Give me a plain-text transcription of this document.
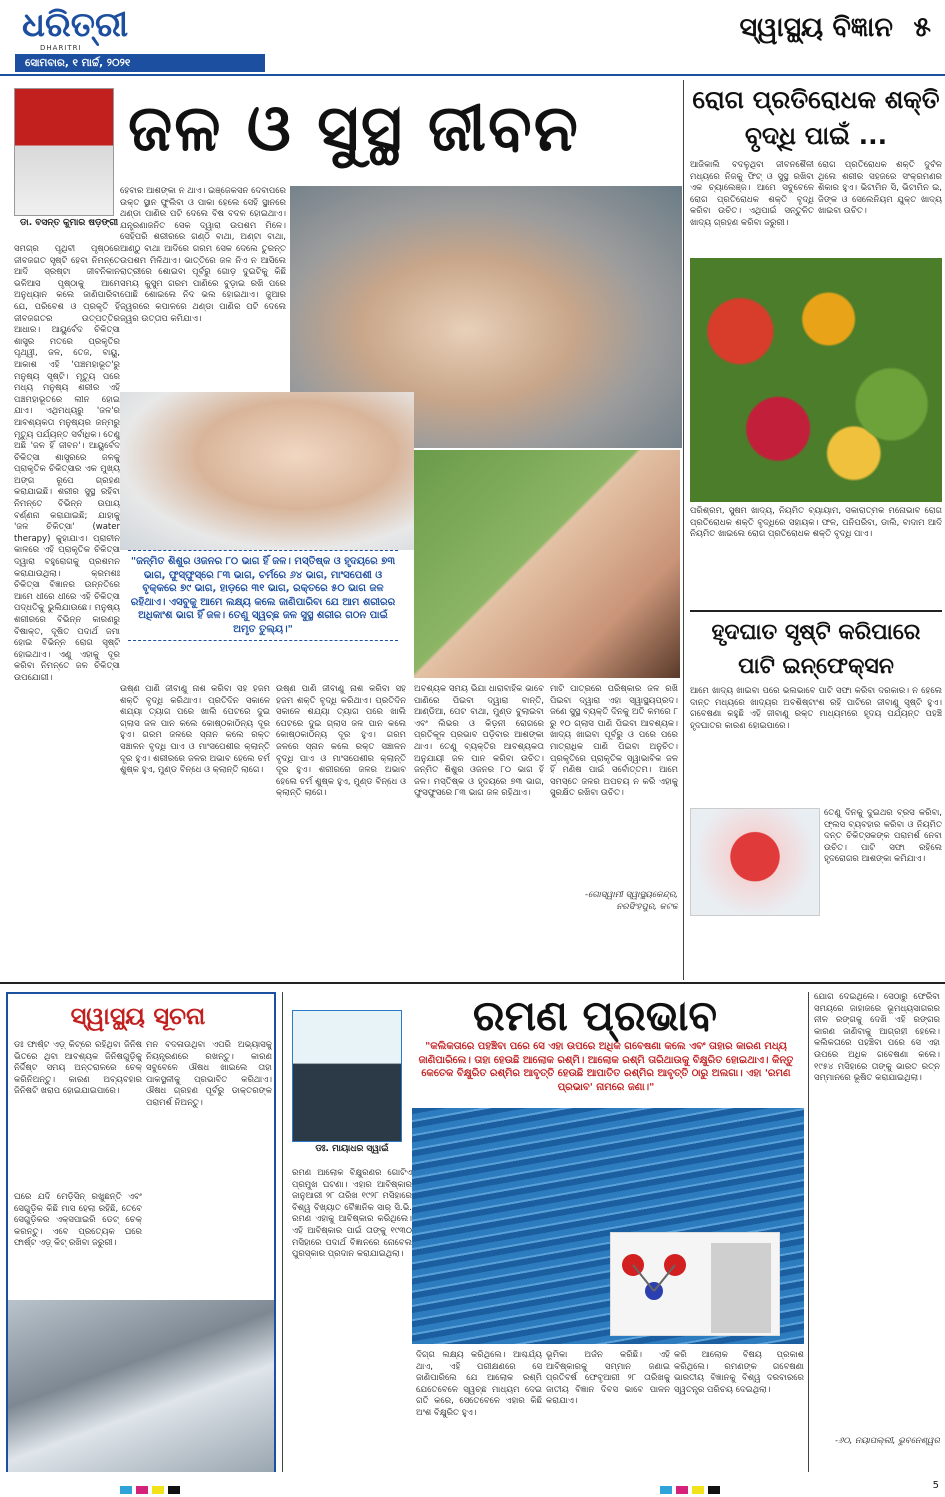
ଧରିତ୍ରୀ
DHARITRI
ସ୍ୱାସ୍ଥ୍ୟ ବିଜ୍ଞାନ ୫
ସୋମବାର, ୧ ମାର୍ଚ୍ଚ, ୨୦୨୧
ଡା. ବସନ୍ତ କୁମାର ଷଡ଼ଙ୍ଗୀ
ଜଳ ଓ ସୁସ୍ଥ ଜୀବନ
ସମଗ୍ର ପୃଥିବୀ ପୃଷ୍ଠରେ ଜୀବଜଗତ ସୃଷ୍ଟି ହେବା ନିମନ୍ତେ ଆଦି ସ୍ରଷ୍ଟା ଜୀବନିକାନ ଭଳିଆସ ପୃଷ୍ଠାକୁ ଆମେ ଅନୁଧ୍ୟାନ କଲେ ଜାଣିପାରିବା ଯେ, ପରିବେଶ ଓ ପ୍ରକୃତି ହିଁ ଜୀବଜଗତର ଉତ୍ପତ୍ତିର ଆଧାର। ଆୟୁର୍ବେଦ ଚିକିତ୍ସା ଶାସ୍ତ୍ର ମତରେ ପ୍ରକୃତିର ପୃଥ୍ୱୀ, ଜଳ, ତେଜ, ବାୟୁ, ଆକାଶ ଏହି 'ପଞ୍ଚମହାଭୂତ'ରୁ ମନୁଷ୍ୟ ସୃଷ୍ଟି। ମୃତ୍ୟୁ ପରେ ମଧ୍ୟ ମନୁଷ୍ୟ ଶରୀର ଏହି ପଞ୍ଚମହାଭୂତରେ ଲୀନ ହୋଇ ଯାଏ। ଏଥିମଧ୍ୟରୁ 'ଜଳ'ର ଆବଶ୍ୟକତା ମନୁଷ୍ୟର ଜନ୍ମରୁ ମୃତ୍ୟୁ ପର୍ଯ୍ୟନ୍ତ ସର୍ବାଧିକ। ତେଣୁ ଅଛି 'ଜଳ ହିଁ ଜୀବନ'। ଆୟୁର୍ବେଦ ଚିକିତ୍ସା ଶାସ୍ତ୍ରରେ ଜଳକୁ ପ୍ରାକୃତିକ ଚିକିତ୍ସାର ଏକ ମୁଖ୍ୟ ଅଙ୍ଗ ରୂପେ ଗ୍ରହଣ କରାଯାଇଛି। ଶରୀର ସୁସ୍ଥ ରହିବା ନିମନ୍ତେ ବିଭିନ୍ନ ଉପାୟ ବର୍ଣ୍ଣନା କରାଯାଇଛି; ଯାହାକୁ 'ଜଳ ଚିକିତ୍ସା' (water therapy) କୁହାଯାଏ। ପ୍ରାଚୀନ କାଳରେ ଏହି ପ୍ରାକୃତିକ ଚିକିତ୍ସା ଦ୍ୱାରା ବହୁରୋଗକୁ ପ୍ରଶମନ କରାଯାଉଥିଲା। କ୍ରମଶଃ ଚିକିତ୍ସା ବିଜ୍ଞାନର ଉନ୍ନତିରେ ଆମେ ଧୀରେ ଧୀରେ ଏହି ଚିକିତ୍ସା ପଦ୍ଧତିକୁ ଭୁଲିଯାଉଛେ। ମନୁଷ୍ୟ ଶରୀରରେ ବିଭିନ୍ନ କାରଣରୁ ବିଷାକ୍ତ, ଦୂଷିତ ପଦାର୍ଥ ଜମା ହୋଇ ବିଭିନ୍ନ ରୋଗ ସୃଷ୍ଟି ହୋଇଥାଏ। ଏଣୁ ଏହାକୁ ଦୂର କରିବା ନିମନ୍ତେ ଜଳ ଚିକିତ୍ସା ଉପଯୋଗୀ।
ହେବାର ଆଶଙ୍କା ନ ଥାଏ। ଇଞ୍ଜେକସନ ଦେବାପରେ ଉକ୍ତ ସ୍ଥାନ ଫୁଲିବା ଓ ପାକା ହେଲେ ସେହି ସ୍ଥାନରେ ଥଣ୍ଡା ପାଣିର ପଟି ଦେଲେ ବିଷ ବଦଳ ହୋଇଥାଏ। ଯନ୍ତ୍ରଣାଜନିତ ସେକ ଦ୍ୱାରା ଉପଶମ ମିଳେ। ସେହିପରି ଶରୀରରେ ଗଣ୍ଠି ବାଥା, ଅଣ୍ଟା ବାଥା, ଆଣ୍ଠୁ ବାଥା ଆଦିରେ ଗରମ ସେକ ଦେଲେ ତୁରନ୍ତ ଉପଶମ ମିଳିଥାଏ। ଭାତ୍ତିରେ ଜଳ ନିଏ ନ ଆସିଲେ ରାତ୍ରୀରେ ଶୋଇବା ପୂର୍ବରୁ ଗୋଡ଼ ଦୁଇଟିକୁ କିଛି ସମୟ କୁସୁମ ଗରମ ପାଣିରେ ବୁଡ଼ାଇ ରଖି ପରେ ପୋଛି ଶୋଇଲେ ନିଦ ଭଲ ହୋଇଥାଏ। ଜୁଆର ଜ୍ୱରରେ କପାଳରେ ଥଣ୍ଡା ପାଣିର ପଟି ଦେଲେ ଜ୍ୱର ଉତ୍ତାପ କମିଯାଏ।
ଉଷ୍ଣ ପାଣି ଜୀବାଣୁ ନାଶ କରିବା ସହ ହଜମ ଶକ୍ତି ବୃଦ୍ଧି କରିଥାଏ। ପ୍ରତିଦିନ ସକାଳେ ଶଯ୍ୟା ତ୍ୟାଗ ପରେ ଖାଲି ପେଟରେ ଦୁଇ ଗ୍ଲାସ ଜଳ ପାନ କଲେ କୋଷ୍ଠକାଠିନ୍ୟ ଦୂର ହୁଏ। ଗରମ ଜଳରେ ସ୍ନାନ କଲେ ରକ୍ତ ସଞ୍ଚାଳନ ବୃଦ୍ଧି ପାଏ ଓ ମାଂସପେଶୀର କ୍ଲାନ୍ତି ଦୂର ହୁଏ। ଶରୀରରେ ଜଳର ଅଭାବ ହେଲେ ଚର୍ମ ଶୁଷ୍କ ହୁଏ, ମୁଣ୍ଡ ବିନ୍ଧେ ଓ କ୍ଲାନ୍ତି ଲାଗେ।
ଉଷ୍ଣ ପାଣି ଜୀବାଣୁ ନାଶ କରିବା ସହ ହଜମ ଶକ୍ତି ବୃଦ୍ଧି କରିଥାଏ। ପ୍ରତିଦିନ ସକାଳେ ଶଯ୍ୟା ତ୍ୟାଗ ପରେ ଖାଲି ପେଟରେ ଦୁଇ ଗ୍ଲାସ ଜଳ ପାନ କଲେ କୋଷ୍ଠକାଠିନ୍ୟ ଦୂର ହୁଏ। ଗରମ ଜଳରେ ସ୍ନାନ କଲେ ରକ୍ତ ସଞ୍ଚାଳନ ବୃଦ୍ଧି ପାଏ ଓ ମାଂସପେଶୀର କ୍ଲାନ୍ତି ଦୂର ହୁଏ। ଶରୀରରେ ଜଳର ଅଭାବ ହେଲେ ଚର୍ମ ଶୁଷ୍କ ହୁଏ, ମୁଣ୍ଡ ବିନ୍ଧେ ଓ କ୍ଲାନ୍ତି ଲାଗେ।
ଅବଶ୍ୟକ ସମୟ ଭିଯା ଧାରାବାହିକ ଭାବେ ପାଣିରେ ପିଇବା ଦ୍ୱାରା ବାନ୍ତି, ଆଣ୍ଡିଆ, ପେଟ ବାଥା, ମୁଣ୍ଡ ବୁଲାଇବା ଏବଂ ଲିଭର ଓ କିଡ଼ନୀ ରୋଗରେ ପ୍ରତିକୂଳ ପ୍ରଭାବ ପଡ଼ିବାର ଆଶଙ୍କା ଥାଏ। ତେଣୁ ବ୍ୟକ୍ତିର ଆବଶ୍ୟକତା ଅନୁଯାୟୀ ଜଳ ପାନ କରିବା ଉଚିତ। ଜନ୍ମିତ ଶିଶୁର ଓଜନର ୮୦ ଭାଗ ହିଁ ଜଳ। ମସ୍ତିଷ୍କ ଓ ହୃଦୟରେ ୭୩ ଭାଗ, ଫୁସଫୁସରେ ୮୩ ଭାଗ ଜଳ ରହିଥାଏ।
ମାଟି ପାତ୍ରରେ ପରିଷ୍କାର ଜଳ ରଖି ପିଇବା ଦ୍ୱାରା ଏହା ସ୍ୱାସ୍ଥ୍ୟପ୍ରଦ। ଜଣେ ସୁସ୍ଥ ବ୍ୟକ୍ତି ଦିନକୁ ଅତି କମରେ ୮ ରୁ ୧୦ ଗ୍ଲାସ ପାଣି ପିଇବା ଆବଶ୍ୟକ। ଖାଦ୍ୟ ଖାଇବା ପୂର୍ବରୁ ଓ ପରେ ପରେ ମାତ୍ରାଧିକ ପାଣି ପିଇବା ଅନୁଚିତ। ପ୍ରକୃତିରେ ପ୍ରାକୃତିକ ସ୍ୱାଭାବିକ ଜଳ ହିଁ ମଣିଷ ପାଇଁ ସର୍ବୋତ୍ତମ। ଆମେ ସମସ୍ତେ ଜଳର ଅପଚୟ ନ କରି ଏହାକୁ ସୁରକ୍ଷିତ ରଖିବା ଉଚିତ।
-ଗୋସ୍ୱାମୀ ସ୍ୱାସ୍ଥ୍ୟକେନ୍ଦ୍ର, ନରସିଂହପୁର, କଟକ
"ଜନ୍ମିତ ଶିଶୁର ଓଜନର ୮୦ ଭାଗ ହିଁ ଜଳ। ମସ୍ତିଷ୍କ ଓ ହୃଦୟରେ ୭୩ ଭାଗ, ଫୁସ୍‌ଫୁସ୍‌ରେ ୮୩ ଭାଗ, ଚର୍ମରେ ୬୪ ଭାଗ, ମାଂସପେଶୀ ଓ ବୃକ୍‌କରେ ୭୯ ଭାଗ, ହାଡ଼ରେ ୩୧ ଭାଗ, ରକ୍ତରେ ୫୦ ଭାଗ ଜଳ ରହିଥାଏ। ଏସବୁକୁ ଆମେ ଲକ୍ଷ୍ୟ କଲେ ଜାଣିପାରିବା ଯେ ଆମ ଶରୀରର ଅଧିକାଂଶ ଭାଗ ହିଁ ଜଳ। ତେଣୁ ସ୍ୱଚ୍ଛ ଜଳ ସୁସ୍ଥ ଶରୀର ଗଠନ ପାଇଁ ଅମୃତ ତୁଲ୍ୟ।"
ରୋଗ ପ୍ରତିରୋଧକ ଶକ୍ତି ବୃଦ୍ଧି ପାଇଁ ...
ଆଜିକାଲି ବଦଳୁଥିବା ଜୀବନଶୈଳୀ ମଧ୍ୟରେ ନିଜକୁ ଫିଟ୍ ଓ ସୁସ୍ଥ ରଖିବା ଏକ ଚ୍ୟାଲେଞ୍ଜ। ଆମେ ସବୁବେଳେ ରୋଗ ପ୍ରତିରୋଧକ ଶକ୍ତି ବୃଦ୍ଧି କରିବା ଉଚିତ। ଏଥିପାଇଁ ସନ୍ତୁଳିତ ଖାଦ୍ୟ ଗ୍ରହଣ କରିବା ଜରୁରୀ।
ରୋଗ ପ୍ରତିରୋଧକ ଶକ୍ତି ଦୁର୍ବଳ ଥିଲେ ଶରୀର ସହଜରେ ସଂକ୍ରମଣର ଶିକାର ହୁଏ। ଭିଟାମିନ ସି, ଭିଟାମିନ ଇ, ଜିଙ୍କ ଓ ସେଲେନିୟମ ଯୁକ୍ତ ଖାଦ୍ୟ ଖାଇବା ଉଚିତ।
ପରିଶ୍ରମ, ସୁଷମ ଖାଦ୍ୟ, ନିୟମିତ ବ୍ୟାୟାମ, ସକାରାତ୍ମକ ମନୋଭାବ ରୋଗ ପ୍ରତିରୋଧକ ଶକ୍ତି ବୃଦ୍ଧିରେ ସହାୟକ। ଫଳ, ପନିପରିବା, ଡାଲି, ବାଦାମ ଆଦି ନିୟମିତ ଖାଇଲେ ରୋଗ ପ୍ରତିରୋଧକ ଶକ୍ତି ବୃଦ୍ଧି ପାଏ।
ହୃଦଘାତ ସୃଷ୍ଟି କରିପାରେ ପାଟି ଇନ୍‌ଫେକ୍‌ସନ
ଆମେ ଖାଦ୍ୟ ଖାଇବା ପରେ ଭଲଭାବେ ପାଟି ସଫା କରିବା ଦରକାର। ନ ହେଲେ ଦାନ୍ତ ମଧ୍ୟରେ ଖାଦ୍ୟର ଅବଶିଷ୍ଟାଂଶ ରହି ପାଟିରେ ଜୀବାଣୁ ସୃଷ୍ଟି ହୁଏ। ଗବେଷଣା କହୁଛି ଏହି ଜୀବାଣୁ ରକ୍ତ ମାଧ୍ୟମରେ ହୃଦୟ ପର୍ଯ୍ୟନ୍ତ ପହଞ୍ଚି ହୃଦଘାତର କାରଣ ହୋଇପାରେ।
ତେଣୁ ଦିନକୁ ଦୁଇଥର ବ୍ରସ କରିବା, ଫ୍ଲସ ବ୍ୟବହାର କରିବା ଓ ନିୟମିତ ଦନ୍ତ ଚିକିତ୍ସକଙ୍କ ପରାମର୍ଶ ନେବା ଉଚିତ। ପାଟି ସଫା ରହିଲେ ହୃଦରୋଗର ଆଶଙ୍କା କମିଯାଏ।
ସ୍ୱାସ୍ଥ୍ୟ ସୂଚନା
ଡଃ ଫାର୍ଷ୍ଟ ଏଡ଼୍ କିଟ୍‌ରେ ରହିଥିବା ଜିନିଷ ଭିତରେ ଥିବା ଆବଶ୍ୟକ ଜିନିଷଗୁଡ଼ିକୁ ନିର୍ଦ୍ଦିଷ୍ଟ ସମୟ ଅନ୍ତରାଳରେ ଚେକ୍ କରିନିଅନ୍ତୁ। କାରଣ ଅବ୍ୟବହାର ଜିନିଷଟି ଖରାପ ହୋଇଯାଇପାରେ।
ଘରେ ଯଦି ମେଡ଼ିସିନ୍ ରଖୁଛନ୍ତି ଏବଂ ସେଗୁଡ଼ିକ କିଛି ମାସ ହେଲା ରହିଛି, ତେବେ ସେଗୁଡ଼ିକର ଏକ୍‌ସପାଇରି ଡେଟ୍ ଚେକ୍ କରନ୍ତୁ। ଏବେ ପ୍ରତ୍ୟେକ ଘରେ ଫାର୍ଷ୍ଟ ଏଡ଼୍ କିଟ୍ ରଖିବା ଜରୁରୀ।
ମନ ବଦଳାଉଥିବା ଏପରି ଅଭ୍ୟାସକୁ ନିୟନ୍ତ୍ରଣରେ ରଖନ୍ତୁ। କାରଣ ସବୁବେଳେ ଔଷଧ ଖାଇଲେ ତାହା ପାକସ୍ଥଳୀକୁ ପ୍ରଭାବିତ କରିଥାଏ। ଔଷଧ ଗ୍ରହଣ ପୂର୍ବରୁ ଡାକ୍ତରଙ୍କ ପରାମର୍ଶ ନିଅନ୍ତୁ।
ଡଃ. ମାୟାଧର ସ୍ୱାଇଁ
ରମଣ ପ୍ରଭାବ
"କଲିକତାରେ ପହଞ୍ଚିବା ପରେ ସେ ଏହା ଉପରେ ଅଧିକ ଗବେଷଣା କଲେ ଏବଂ ତାହାର କାରଣ ମଧ୍ୟ ଜାଣିପାରିଲେ। ତାହା ହେଉଛି ଆଲୋକ ରଶ୍ମି। ଆଲୋକ ରଶ୍ମି ତାରିଥାଉକୁ ବିକ୍ଷୁରିତ ହୋଇଥାଏ। କିନ୍ତୁ କେତେକ ବିକ୍ଷୁରିତ ରଶ୍ମିର ଆବୃତ୍ତି ହେଉଛି ଆପାତିତ ରଶ୍ମିର ଆବୃତ୍ତି ଠାରୁ ଅଲଗା। ଏହା 'ରମଣ ପ୍ରଭାବ' ନାମରେ ଜଣା।"
ରମଣ ଆଲୋକ ବିକ୍ଷୁରଣର ଗୋଟିଏ ପ୍ରମୁଖ ଘଟଣା। ଏହାର ଆବିଷ୍କାର ଜାନୁଆରୀ ୨୮ ତାରିଖ ୧୯୨୮ ମସିହାରେ ବିଶ୍ୱ ବିଖ୍ୟାତ ବୈଜ୍ଞାନିକ ସାର୍ ସି.ଭି. ରମଣ ଏହାକୁ ଆବିଷ୍କାର କରିଥିଲେ। ଏହି ଆବିଷ୍କାର ପାଇଁ ତାଙ୍କୁ ୧୯୩୦ ମସିହାରେ ପଦାର୍ଥ ବିଜ୍ଞାନରେ ନୋବେଲ ପୁରସ୍କାର ପ୍ରଦାନ କରାଯାଇଥିଲା।
ଦିଗ୍ଗ ଲକ୍ଷ୍ୟ କରିଥିଲେ। ଆଶ୍ଚର୍ଯ୍ୟ ଥାଏ, ଏହି ପରୀକ୍ଷଣରେ ସେ ଜାଣିପାରିଲେ ଯେ ଆଲୋକ ରଶ୍ମି ଯେତେବେଳେ ସ୍ୱଚ୍ଛ ମାଧ୍ୟମ ଦେଇ ଗତି କରେ, ସେତେବେଳେ ଏହାର କିଛି ଅଂଶ ବିକ୍ଷୁରିତ ହୁଏ।
ଭୂମିକା ଅର୍ଜନ କରିଛି। ଏହି ଆବିଷ୍କାରକୁ ସମ୍ମାନ ଜଣାଇ ପ୍ରତିବର୍ଷ ଫେବୃଆରୀ ୨୮ ତାରିଖକୁ ଜାତୀୟ ବିଜ୍ଞାନ ଦିବସ ଭାବେ ପାଳନ କରାଯାଏ।
କରି ଆଲୋକ ବିଷୟ ପ୍ରକାଶ କରିଥିଲେ। ରମଣଙ୍କ ଗବେଷଣା ଭାରତୀୟ ବିଜ୍ଞାନକୁ ବିଶ୍ୱ ଦରବାରରେ ସ୍ୱତନ୍ତ୍ର ପରିଚୟ ଦେଇଥିଲା।
ଯୋଗ ଦେଇଥିଲେ। ସେଠାରୁ ଫେରିବା ସମୟରେ ଜାହାଜରେ ଭୂମଧ୍ୟସାଗରର ନୀଳ ରଙ୍ଗକୁ ଦେଖି ଏହି ରଙ୍ଗର କାରଣ ଜାଣିବାକୁ ଆଗ୍ରହୀ ହେଲେ। କଲିକତାରେ ପହଞ୍ଚିବା ପରେ ସେ ଏହା ଉପରେ ଅଧିକ ଗବେଷଣା କଲେ। ୧୯୫୪ ମସିହାରେ ତାଙ୍କୁ ଭାରତ ରତ୍ନ ସମ୍ମାନରେ ଭୂଷିତ କରାଯାଇଥିଲା।
-୬୦, ନୟାପଲ୍ଲୀ, ଭୁବନେଶ୍ୱର
5
